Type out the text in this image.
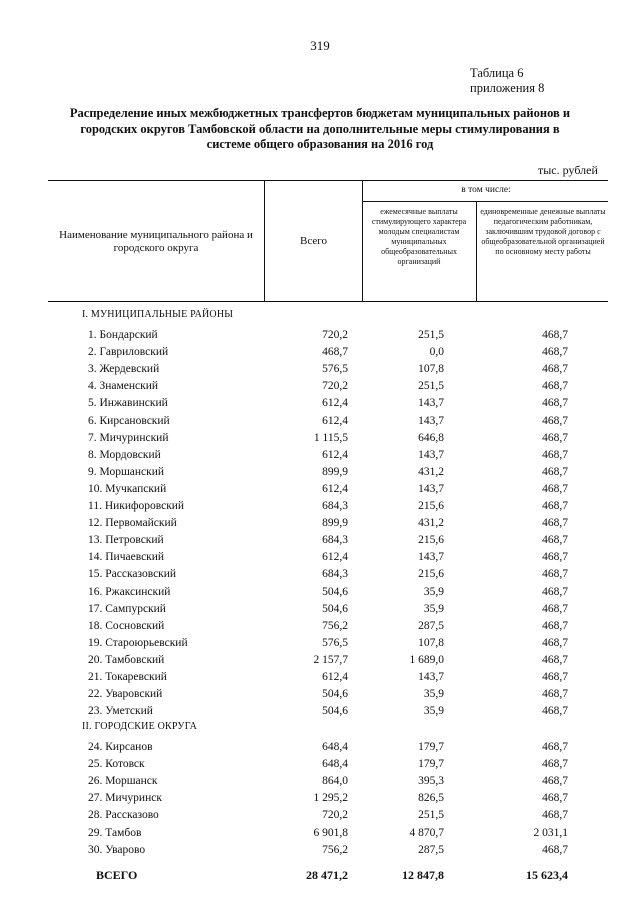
319
Таблица 6
приложения 8
Распределение иных межбюджетных трансфертов бюджетам муниципальных районов и городских округов Тамбовской области на дополнительные меры стимулирования в системе общего образования на 2016 год
тыс. рублей
Наименование муниципального района и городского округа
Всего
в том числе:
ежемесячные выплаты стимулирующего характера молодым специалистам муниципальных общеобразовательных организаций
единовременные денежные выплаты педагогическим работникам, заключившим трудовой договор с общеобразовательной организацией по основному месту работы
I. МУНИЦИПАЛЬНЫЕ РАЙОНЫ
1. Бондарский	720,2	251,5	468,7
2. Гавриловский	468,7	0,0	468,7
3. Жердевский	576,5	107,8	468,7
4. Знаменский	720,2	251,5	468,7
5. Инжавинский	612,4	143,7	468,7
6. Кирсановский	612,4	143,7	468,7
7. Мичуринский	1 115,5	646,8	468,7
8. Мордовский	612,4	143,7	468,7
9. Моршанский	899,9	431,2	468,7
10. Мучкапский	612,4	143,7	468,7
11. Никифоровский	684,3	215,6	468,7
12. Первомайский	899,9	431,2	468,7
13. Петровский	684,3	215,6	468,7
14. Пичаевский	612,4	143,7	468,7
15. Рассказовский	684,3	215,6	468,7
16. Ржаксинский	504,6	35,9	468,7
17. Сампурский	504,6	35,9	468,7
18. Сосновский	756,2	287,5	468,7
19. Староюрьевский	576,5	107,8	468,7
20. Тамбовский	2 157,7	1 689,0	468,7
21. Токаревский	612,4	143,7	468,7
22. Уваровский	504,6	35,9	468,7
23. Уметский	504,6	35,9	468,7
II. ГОРОДСКИЕ ОКРУГА
24. Кирсанов	648,4	179,7	468,7
25. Котовск	648,4	179,7	468,7
26. Моршанск	864,0	395,3	468,7
27. Мичуринск	1 295,2	826,5	468,7
28. Рассказово	720,2	251,5	468,7
29. Тамбов	6 901,8	4 870,7	2 031,1
30. Уварово	756,2	287,5	468,7
ВСЕГО	28 471,2	12 847,8	15 623,4
